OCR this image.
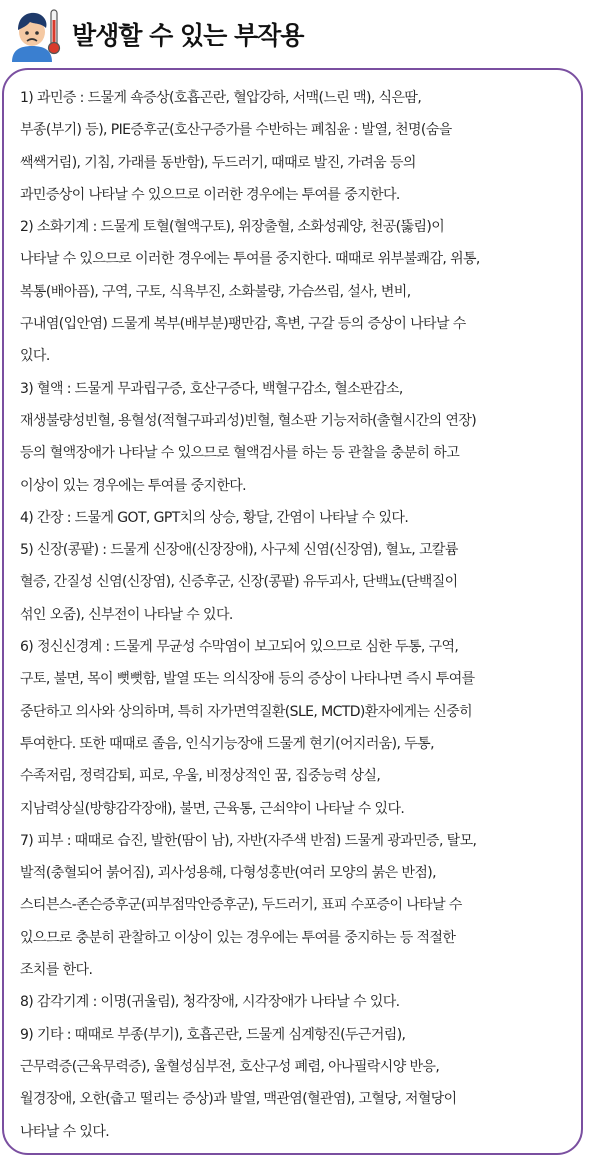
발생할 수 있는 부작용
1) 과민증 : 드물게 쇽증상(호흡곤란, 혈압강하, 서맥(느린 맥), 식은땀,
부종(부기) 등), PIE증후군(호산구증가를 수반하는 폐침윤 : 발열, 천명(숨을
쌕쌕거림), 기침, 가래를 동반함), 두드러기, 때때로 발진, 가려움 등의
과민증상이 나타날 수 있으므로 이러한 경우에는 투여를 중지한다.
2) 소화기계 : 드물게 토혈(혈액구토), 위장출혈, 소화성궤양, 천공(뚫림)이
나타날 수 있으므로 이러한 경우에는 투여를 중지한다. 때때로 위부불쾌감, 위통,
복통(배아픔), 구역, 구토, 식욕부진, 소화불량, 가슴쓰림, 설사, 변비,
구내염(입안염) 드물게 복부(배부분)팽만감, 흑변, 구갈 등의 증상이 나타날 수
있다.
3) 혈액 : 드물게 무과립구증, 호산구증다, 백혈구감소, 혈소판감소,
재생불량성빈혈, 용혈성(적혈구파괴성)빈혈, 혈소판 기능저하(출혈시간의 연장)
등의 혈액장애가 나타날 수 있으므로 혈액검사를 하는 등 관찰을 충분히 하고
이상이 있는 경우에는 투여를 중지한다.
4) 간장 : 드물게 GOT, GPT치의 상승, 황달, 간염이 나타날 수 있다.
5) 신장(콩팥) : 드물게 신장애(신장장애), 사구체 신염(신장염), 혈뇨, 고칼륨
혈증, 간질성 신염(신장염), 신증후군, 신장(콩팥) 유두괴사, 단백뇨(단백질이
섞인 오줌), 신부전이 나타날 수 있다.
6) 정신신경계 : 드물게 무균성 수막염이 보고되어 있으므로 심한 두통, 구역,
구토, 불면, 목이 뻣뻣함, 발열 또는 의식장애 등의 증상이 나타나면 즉시 투여를
중단하고 의사와 상의하며, 특히 자가면역질환(SLE, MCTD)환자에게는 신중히
투여한다. 또한 때때로 졸음, 인식기능장애 드물게 현기(어지러움), 두통,
수족저림, 정력감퇴, 피로, 우울, 비정상적인 꿈, 집중능력 상실,
지남력상실(방향감각장애), 불면, 근육통, 근쇠약이 나타날 수 있다.
7) 피부 : 때때로 습진, 발한(땀이 남), 자반(자주색 반점) 드물게 광과민증, 탈모,
발적(충혈되어 붉어짐), 괴사성용해, 다형성홍반(여러 모양의 붉은 반점),
스티븐스-존슨증후군(피부점막안증후군), 두드러기, 표피 수포증이 나타날 수
있으므로 충분히 관찰하고 이상이 있는 경우에는 투여를 중지하는 등 적절한
조치를 한다.
8) 감각기계 : 이명(귀울림), 청각장애, 시각장애가 나타날 수 있다.
9) 기타 : 때때로 부종(부기), 호흡곤란, 드물게 심계항진(두근거림),
근무력증(근육무력증), 울혈성심부전, 호산구성 폐렴, 아나필락시양 반응,
월경장애, 오한(춥고 떨리는 증상)과 발열, 맥관염(혈관염), 고혈당, 저혈당이
나타날 수 있다.
